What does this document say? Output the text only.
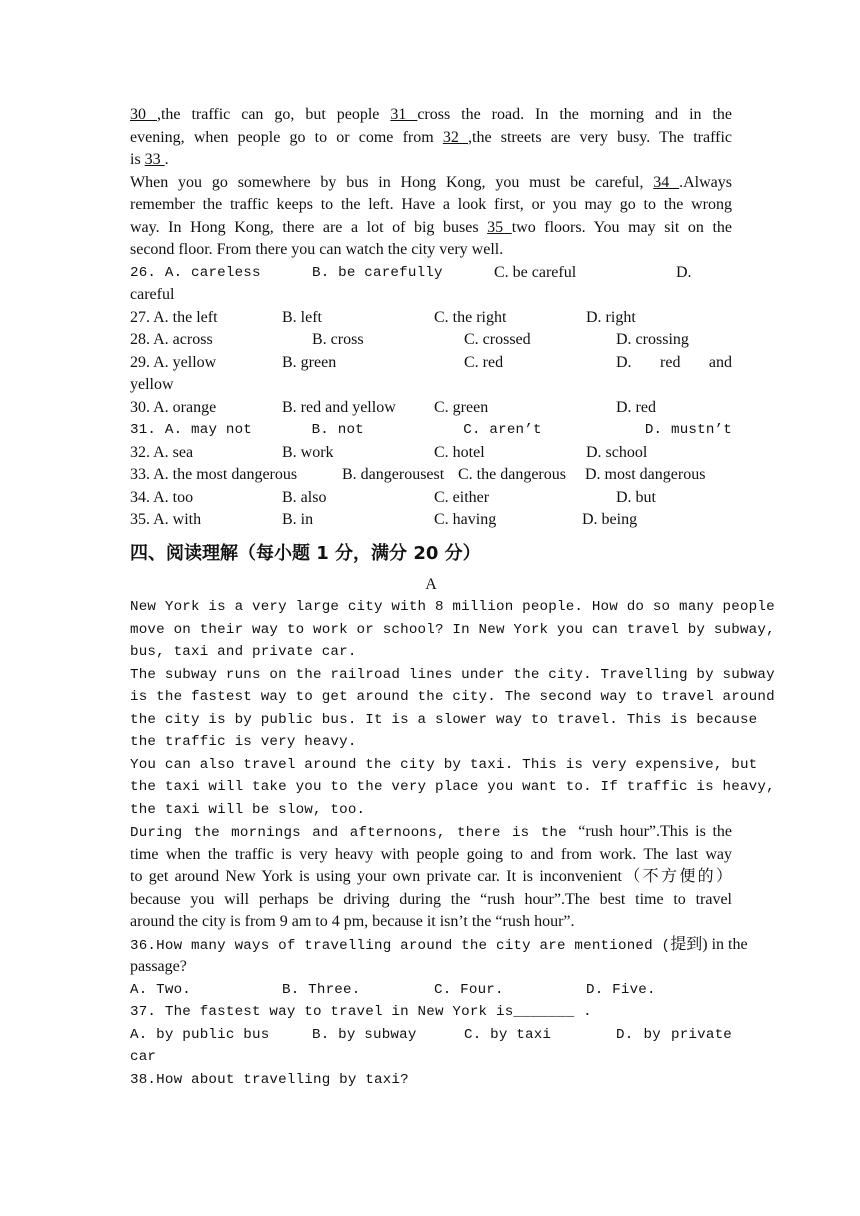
30 ,the traffic can go, but people 31 cross the road. In the morning and in the
evening, when people go to or come from 32 ,the streets are very busy. The traffic
is 33 .
When you go somewhere by bus in Hong Kong, you must be careful, 34 .Always
remember the traffic keeps to the left. Have a look first, or you may go to the wrong
way. In Hong Kong, there are a lot of big buses 35 two floors. You may sit on the
second floor. From there you can watch the city very well.
26. A. careless	B. be carefully	C. be careful	D.
careful
27. A. the left	B. left	C. the right	D. right
28. A. across	B. cross	C. crossed	D. crossing
29. A. yellow	B. green	C. red	D. red and
yellow
30. A. orange	B. red and yellow	C. green	D. red
31. A. may not	B. not	C. aren’t	D. mustn’t
32. A. sea	B. work	C. hotel	D. school
33. A. the most dangerous	B. dangerousest C. the dangerous	D. most dangerous
34. A. too	B. also	C. either	D. but
35. A. with	B. in	C. having	D. being
四、阅读理解（每小题 1 分，满分 20 分）
A
New York is a very large city with 8 million people. How do so many people
move on their way to work or school? In New York you can travel by subway,
bus, taxi and private car.
The subway runs on the railroad lines under the city. Travelling by subway
is the fastest way to get around the city. The second way to travel around
the city is by public bus. It is a slower way to travel. This is because
the traffic is very heavy.
You can also travel around the city by taxi. This is very expensive, but
the taxi will take you to the very place you want to. If traffic is heavy,
the taxi will be slow, too.
During the mornings and afternoons, there is the “rush hour”.This is the
time when the traffic is very heavy with people going to and from work. The last way
to get around New York is using your own private car. It is inconvenient（不方便的）
because you will perhaps be driving during the “rush hour”.The best time to travel
around the city is from 9 am to 4 pm, because it isn’t the “rush hour”.
36.How many ways of travelling around the city are mentioned (提到) in the
passage?
A. Two.	B. Three.	C. Four.	D. Five.
37. The fastest way to travel in New York is_______ .
A. by public bus	B. by subway	C. by taxi	D. by private
car
38.How about travelling by taxi?
